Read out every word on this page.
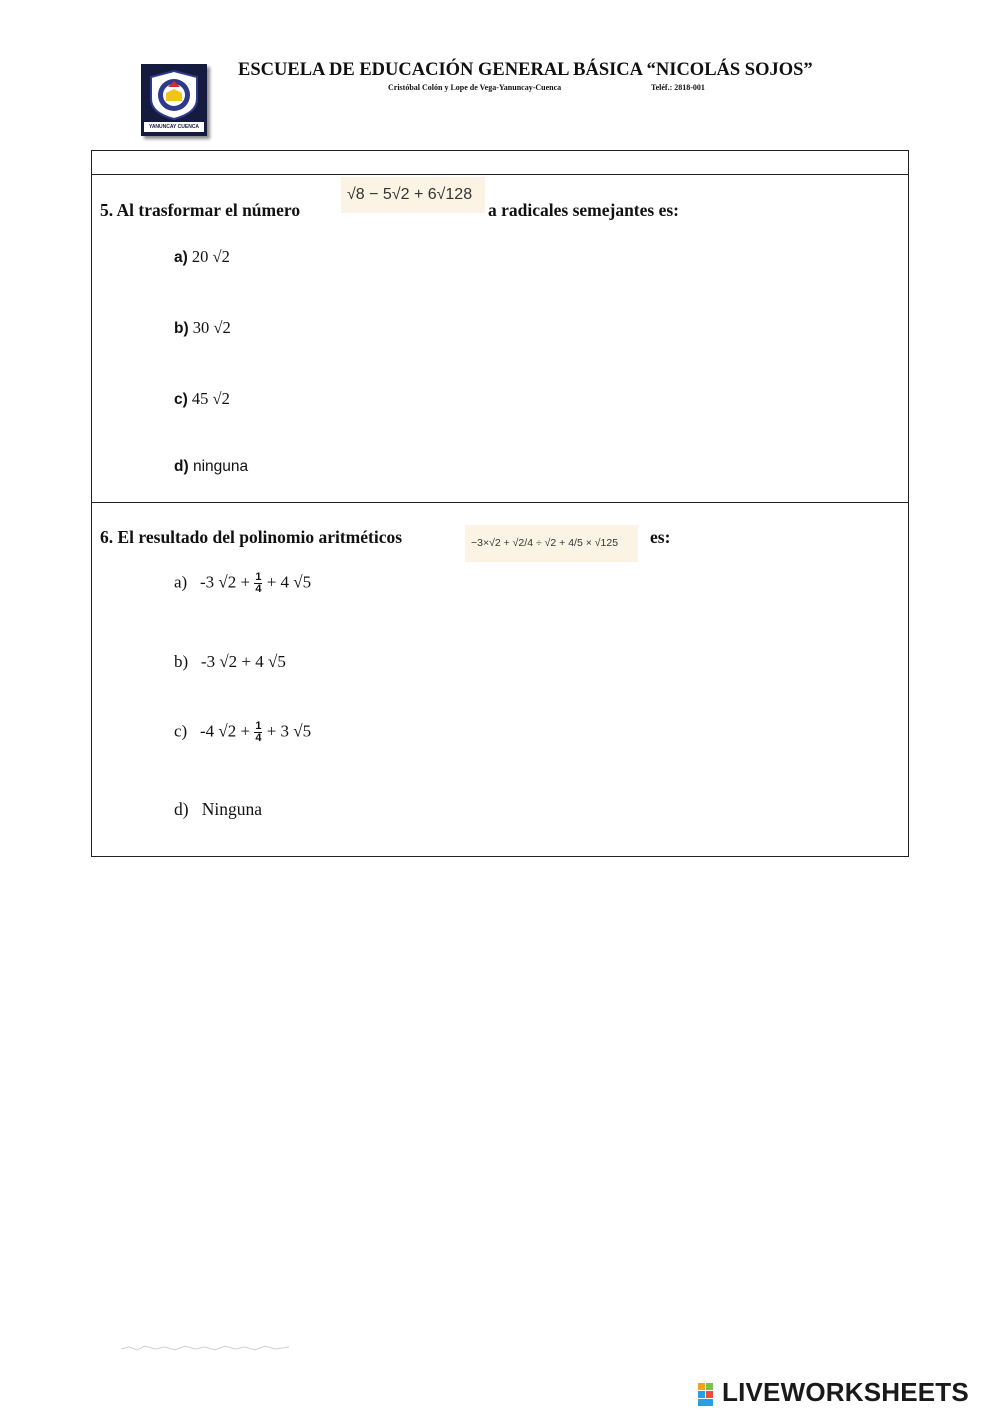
YANUNCAY CUENCA
ESCUELA DE EDUCACIÓN GENERAL BÁSICA “NICOLÁS SOJOS”
Cristóbal Colón y Lope de Vega-Yanuncay-Cuenca	Teléf.: 2818-001
5. Al trasformar el número
√8 − 5√2 + 6√128
a radicales semejantes es:
a) 20 √2
b) 30 √2
c) 45 √2
d) ninguna
6. El resultado del polinomio aritméticos	−3×√2 + √2/4 ÷ √2 + 4/5 × √125	es:
a) -3 $√2 + \frac{1}{4} + 4$ √5
b) -3 √2 + 4 √5
c) -4 $√2 + \frac{1}{4} + 3$ √5
d) Ninguna
LIVEWORKSHEETS
